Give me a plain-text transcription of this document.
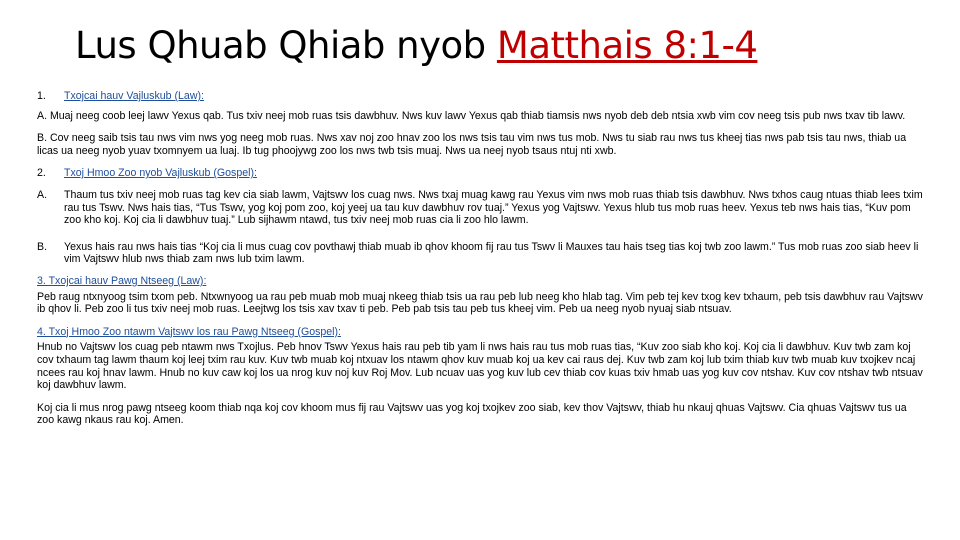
Lus Qhuab Qhiab nyob Matthais 8:1-4
1.	Txojcai hauv Vajluskub (Law):

A. Muaj neeg coob leej lawv Yexus qab. Tus txiv neej mob ruas tsis dawbhuv. Nws kuv lawv Yexus qab thiab tiamsis nws nyob deb deb ntsia xwb vim cov neeg tsis pub nws txav tib lawv.

B. Cov neeg saib tsis tau nws vim nws yog neeg mob ruas. Nws xav noj zoo hnav zoo los nws tsis tau vim nws tus mob. Nws tu siab rau nws tus kheej tias nws pab tsis tau nws, thiab ua licas ua neeg nyob yuav txomnyem ua luaj. Ib tug phoojywg zoo los nws twb tsis muaj. Nws ua neej nyob tsaus ntuj nti xwb.

2.	Txoj Hmoo Zoo nyob Vajluskub (Gospel):
A.	Thaum tus txiv neej mob ruas tag kev cia siab lawm, Vajtswv los cuag nws. Nws txaj muag kawg rau Yexus vim nws mob ruas thiab tsis dawbhuv. Nws txhos caug ntuas thiab lees txim rau tus Tswv. Nws hais tias, “Tus Tswv, yog koj pom zoo, koj yeej ua tau kuv dawbhuv rov tuaj.” Yexus yog Vajtswv. Yexus hlub tus mob ruas heev. Yexus teb nws hais tias, “Kuv pom zoo kho koj. Koj cia li dawbhuv tuaj.” Lub sijhawm ntawd, tus txiv neej mob ruas cia li zoo hlo lawm.
B.	Yexus hais rau nws hais tias “Koj cia li mus cuag cov povthawj thiab muab ib qhov khoom fij rau tus Tswv li Mauxes tau hais tseg tias koj twb zoo lawm.” Tus mob ruas zoo siab heev li vim Vajtswv hlub nws thiab zam nws lub txim lawm.

3. Txojcai hauv Pawg Ntseeg (Law):

Peb raug ntxnyoog tsim txom peb. Ntxwnyoog ua rau peb muab mob muaj nkeeg thiab tsis ua rau peb lub neeg kho hlab tag. Vim peb tej kev txog kev txhaum, peb tsis dawbhuv rau Vajtswv ib qhov li. Peb zoo li tus txiv neej mob ruas. Leejtwg los tsis xav txav ti peb. Peb pab tsis tau peb tus kheej vim. Peb ua neeg nyob nyuaj siab ntsuav.

4. Txoj Hmoo Zoo ntawm Vajtswv los rau Pawg Ntseeg (Gospel):

Hnub no Vajtswv los cuag peb ntawm nws Txojlus. Peb hnov Tswv Yexus hais rau peb tib yam li nws hais rau tus mob ruas tias, “Kuv zoo siab kho koj. Koj cia li dawbhuv. Kuv twb zam koj cov txhaum tag lawm thaum koj leej txim rau kuv. Kuv twb muab koj ntxuav los ntawm qhov kuv muab koj ua kev cai raus dej. Kuv twb zam koj lub txim thiab kuv twb muab kuv txojkev ncaj ncees rau koj hnav lawm. Hnub no kuv caw koj los ua nrog kuv noj kuv Roj Mov. Lub ncuav uas yog kuv lub cev thiab cov kuas txiv hmab uas yog kuv cov ntshav. Kuv cov ntshav twb ntsuav koj dawbhuv lawm.

Koj cia li mus nrog pawg ntseeg koom thiab nqa koj cov khoom mus fij rau Vajtswv uas yog koj txojkev zoo siab, kev thov Vajtswv, thiab hu nkauj qhuas Vajtswv. Cia qhuas Vajtswv tus ua zoo kawg nkaus rau koj. Amen.
